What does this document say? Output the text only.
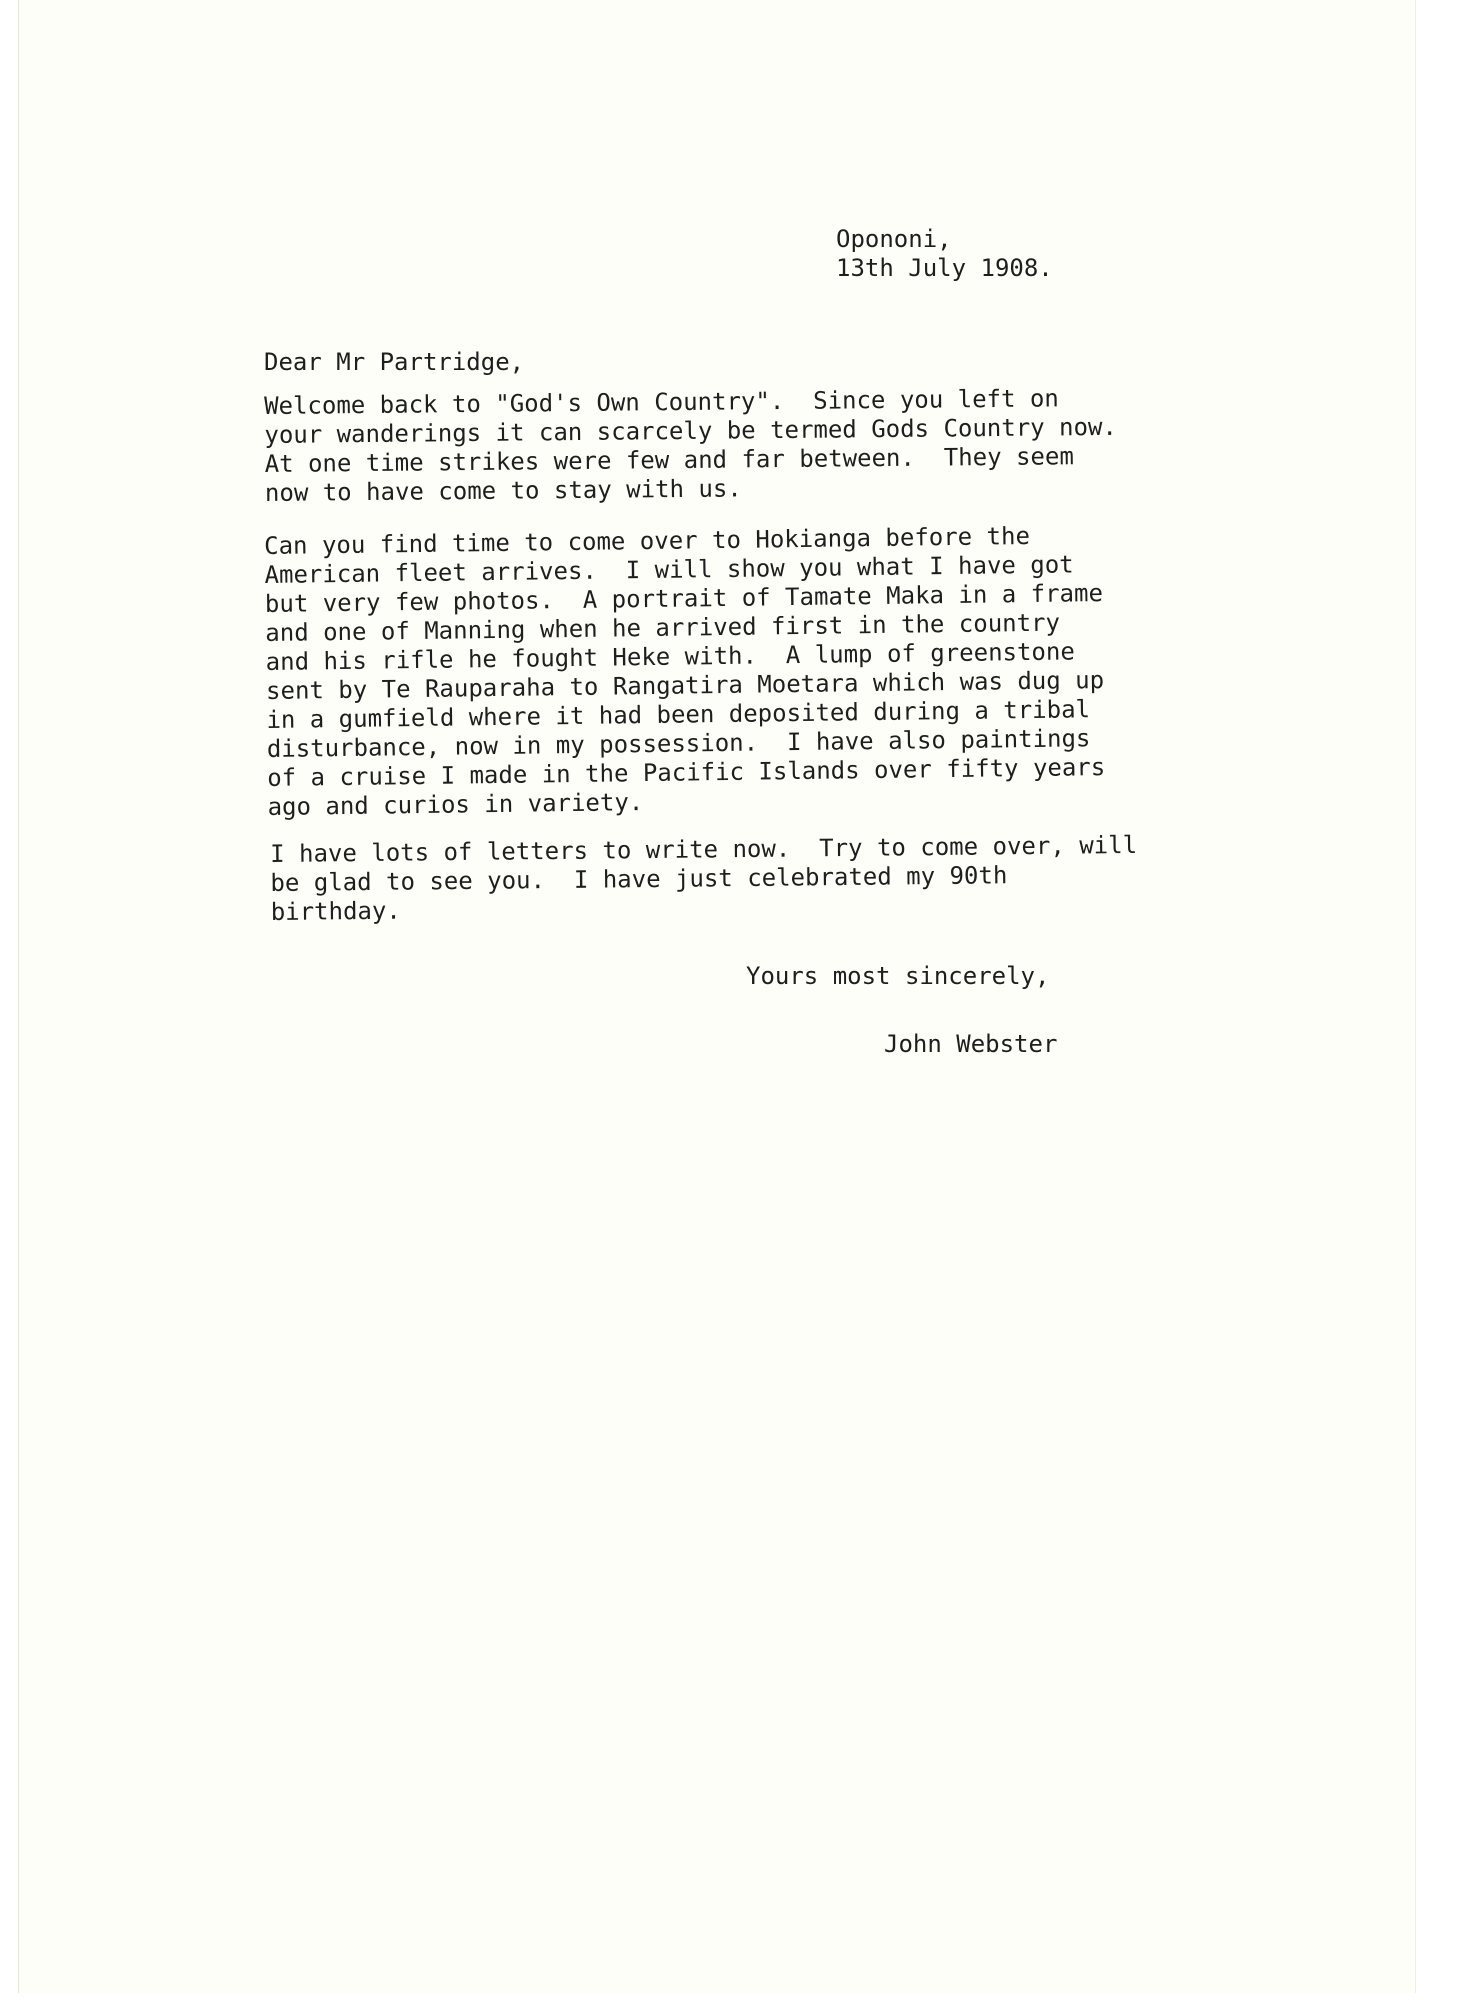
Opononi,
13th July 1908.
Dear Mr Partridge,
Welcome back to "God's Own Country".  Since you left on
your wanderings it can scarcely be termed Gods Country now.
At one time strikes were few and far between.  They seem
now to have come to stay with us.
Can you find time to come over to Hokianga before the
American fleet arrives.  I will show you what I have got
but very few photos.  A portrait of Tamate Maka in a frame
and one of Manning when he arrived first in the country
and his rifle he fought Heke with.  A lump of greenstone
sent by Te Rauparaha to Rangatira Moetara which was dug up
in a gumfield where it had been deposited during a tribal
disturbance, now in my possession.  I have also paintings
of a cruise I made in the Pacific Islands over fifty years
ago and curios in variety.
I have lots of letters to write now.  Try to come over, will
be glad to see you.  I have just celebrated my 90th
birthday.
Yours most sincerely,
John Webster
